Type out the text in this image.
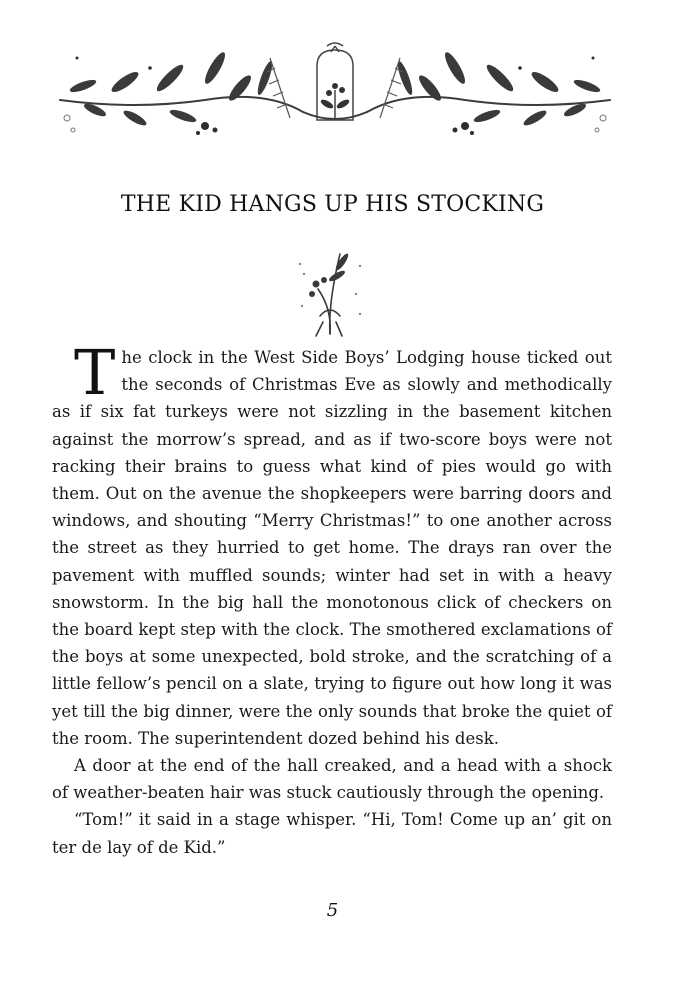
THE KID HANGS UP HIS STOCKING

The clock in the West Side Boys’ Lodging house ticked out the seconds of Christmas Eve as slowly and methodically as if six fat turkeys were not sizzling in the basement kitchen against the morrow’s spread, and as if two-score boys were not racking their brains to guess what kind of pies would go with them. Out on the avenue the shopkeepers were barring doors and windows, and shouting “Merry Christmas!” to one another across the street as they hurried to get home. The drays ran over the pavement with muffled sounds; winter had set in with a heavy snowstorm. In the big hall the monotonous click of checkers on the board kept step with the clock. The smothered exclamations of the boys at some unexpected, bold stroke, and the scratching of a little fellow’s pencil on a slate, trying to figure out how long it was yet till the big dinner, were the only sounds that broke the quiet of the room. The superintendent dozed behind his desk.

A door at the end of the hall creaked, and a head with a shock of weather-beaten hair was stuck cautiously through the opening.

“Tom!” it said in a stage whisper. “Hi, Tom! Come up an’ git on ter de lay of de Kid.”

5
